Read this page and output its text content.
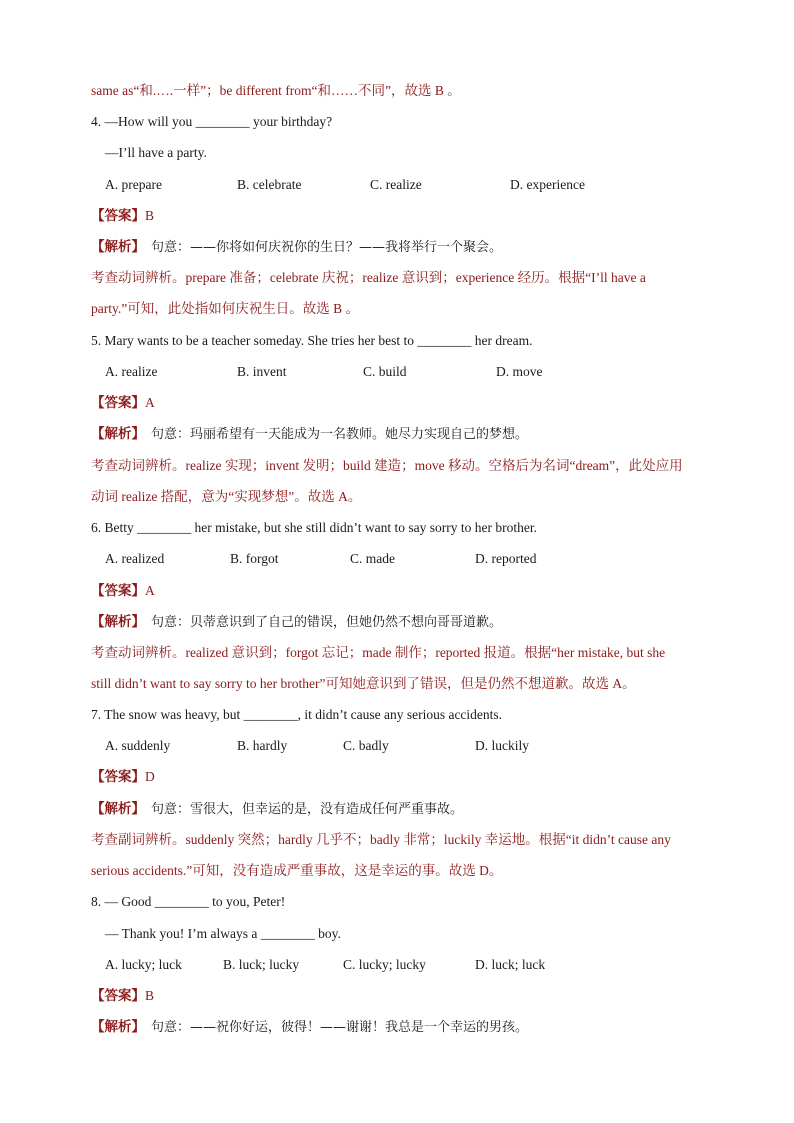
same as“和.….一样”；be different from“和……不同”，故选 B 。
4. —How will you ________ your birthday?
—I’ll have a party.
A. prepare	B. celebrate	C. realize	D. experience
【答案】B
【解析】 句意：——你将如何庆祝你的生日？——我将举行一个聚会。
考查动词辨析。prepare 准备；celebrate 庆祝；realize 意识到；experience 经历。根据“I’ll have a
party.”可知，此处指如何庆祝生日。故选 B 。
5. Mary wants to be a teacher someday. She tries her best to ________ her dream.
A. realize	B. invent	C. build	D. move
【答案】A
【解析】 句意：玛丽希望有一天能成为一名教师。她尽力实现自己的梦想。
考查动词辨析。realize 实现；invent 发明；build 建造；move 移动。空格后为名词“dream”，此处应用
动词 realize 搭配，意为“实现梦想”。故选 A。
6. Betty ________ her mistake, but she still didn’t want to say sorry to her brother.
A. realized	B. forgot	C. made	D. reported
【答案】A
【解析】 句意：贝蒂意识到了自己的错误，但她仍然不想向哥哥道歉。
考查动词辨析。realized 意识到；forgot 忘记；made 制作；reported 报道。根据“her mistake, but she
still didn’t want to say sorry to her brother”可知她意识到了错误，但是仍然不想道歉。故选 A。
7. The snow was heavy, but ________, it didn’t cause any serious accidents.
A. suddenly	B. hardly	C. badly	D. luckily
【答案】D
【解析】 句意：雪很大，但幸运的是，没有造成任何严重事故。
考查副词辨析。suddenly 突然；hardly 几乎不；badly 非常；luckily 幸运地。根据“it didn’t cause any
serious accidents.”可知，没有造成严重事故，这是幸运的事。故选 D。
8. — Good ________ to you, Peter!
— Thank you! I’m always a ________ boy.
A. lucky; luck	B. luck; lucky	C. lucky; lucky	D. luck; luck
【答案】B
【解析】 句意：——祝你好运，彼得！——谢谢！我总是一个幸运的男孩。
